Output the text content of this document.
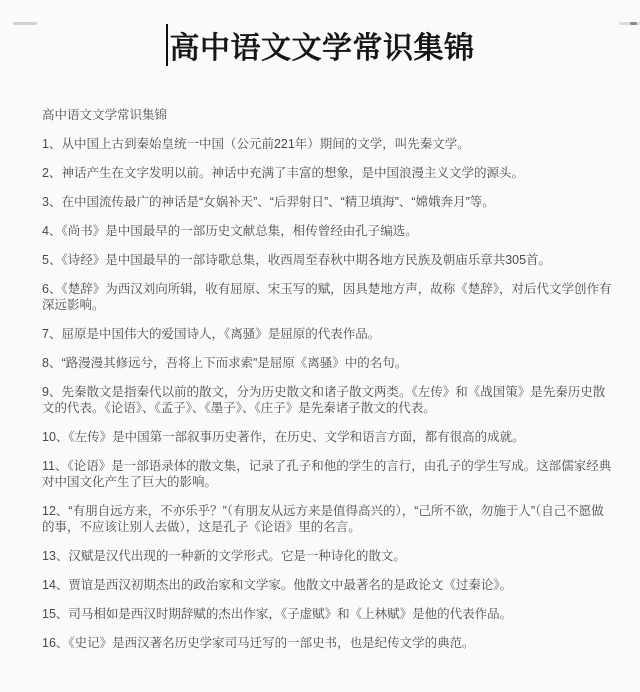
高中语文文学常识集锦

高中语文文学常识集锦

1、从中国上古到秦始皇统一中国（公元前221年）期间的文学，叫先秦文学。

2、神话产生在文字发明以前。神话中充满了丰富的想象，是中国浪漫主义文学的源头。

3、在中国流传最广的神话是“女娲补天”、“后羿射日”、“精卫填海”、“嫦娥奔月”等。

4、《尚书》是中国最早的一部历史文献总集，相传曾经由孔子编选。

5、《诗经》是中国最早的一部诗歌总集，收西周至春秋中期各地方民族及朝庙乐章共305首。

6、《楚辞》为西汉刘向所辑，收有屈原、宋玉写的赋，因具楚地方声，故称《楚辞》，对后代文学创作有深远影响。

7、屈原是中国伟大的爱国诗人，《离骚》是屈原的代表作品。

8、“路漫漫其修远兮，吾将上下而求索”是屈原《离骚》中的名句。

9、先秦散文是指秦代以前的散文，分为历史散文和诸子散文两类。《左传》和《战国策》是先秦历史散文的代表。《论语》、《孟子》、《墨子》、《庄子》是先秦诸子散文的代表。

10、《左传》是中国第一部叙事历史著作，在历史、文学和语言方面，都有很高的成就。

11、《论语》是一部语录体的散文集，记录了孔子和他的学生的言行，由孔子的学生写成。这部儒家经典对中国文化产生了巨大的影响。

12、“有朋自远方来，不亦乐乎？”（有朋友从远方来是值得高兴的），“己所不欲，勿施于人”（自己不愿做的事，不应该让别人去做），这是孔子《论语》里的名言。

13、汉赋是汉代出现的一种新的文学形式。它是一种诗化的散文。

14、贾谊是西汉初期杰出的政治家和文学家。他散文中最著名的是政论文《过秦论》。

15、司马相如是西汉时期辞赋的杰出作家，《子虚赋》和《上林赋》是他的代表作品。

16、《史记》是西汉著名历史学家司马迁写的一部史书，也是纪传文学的典范。
